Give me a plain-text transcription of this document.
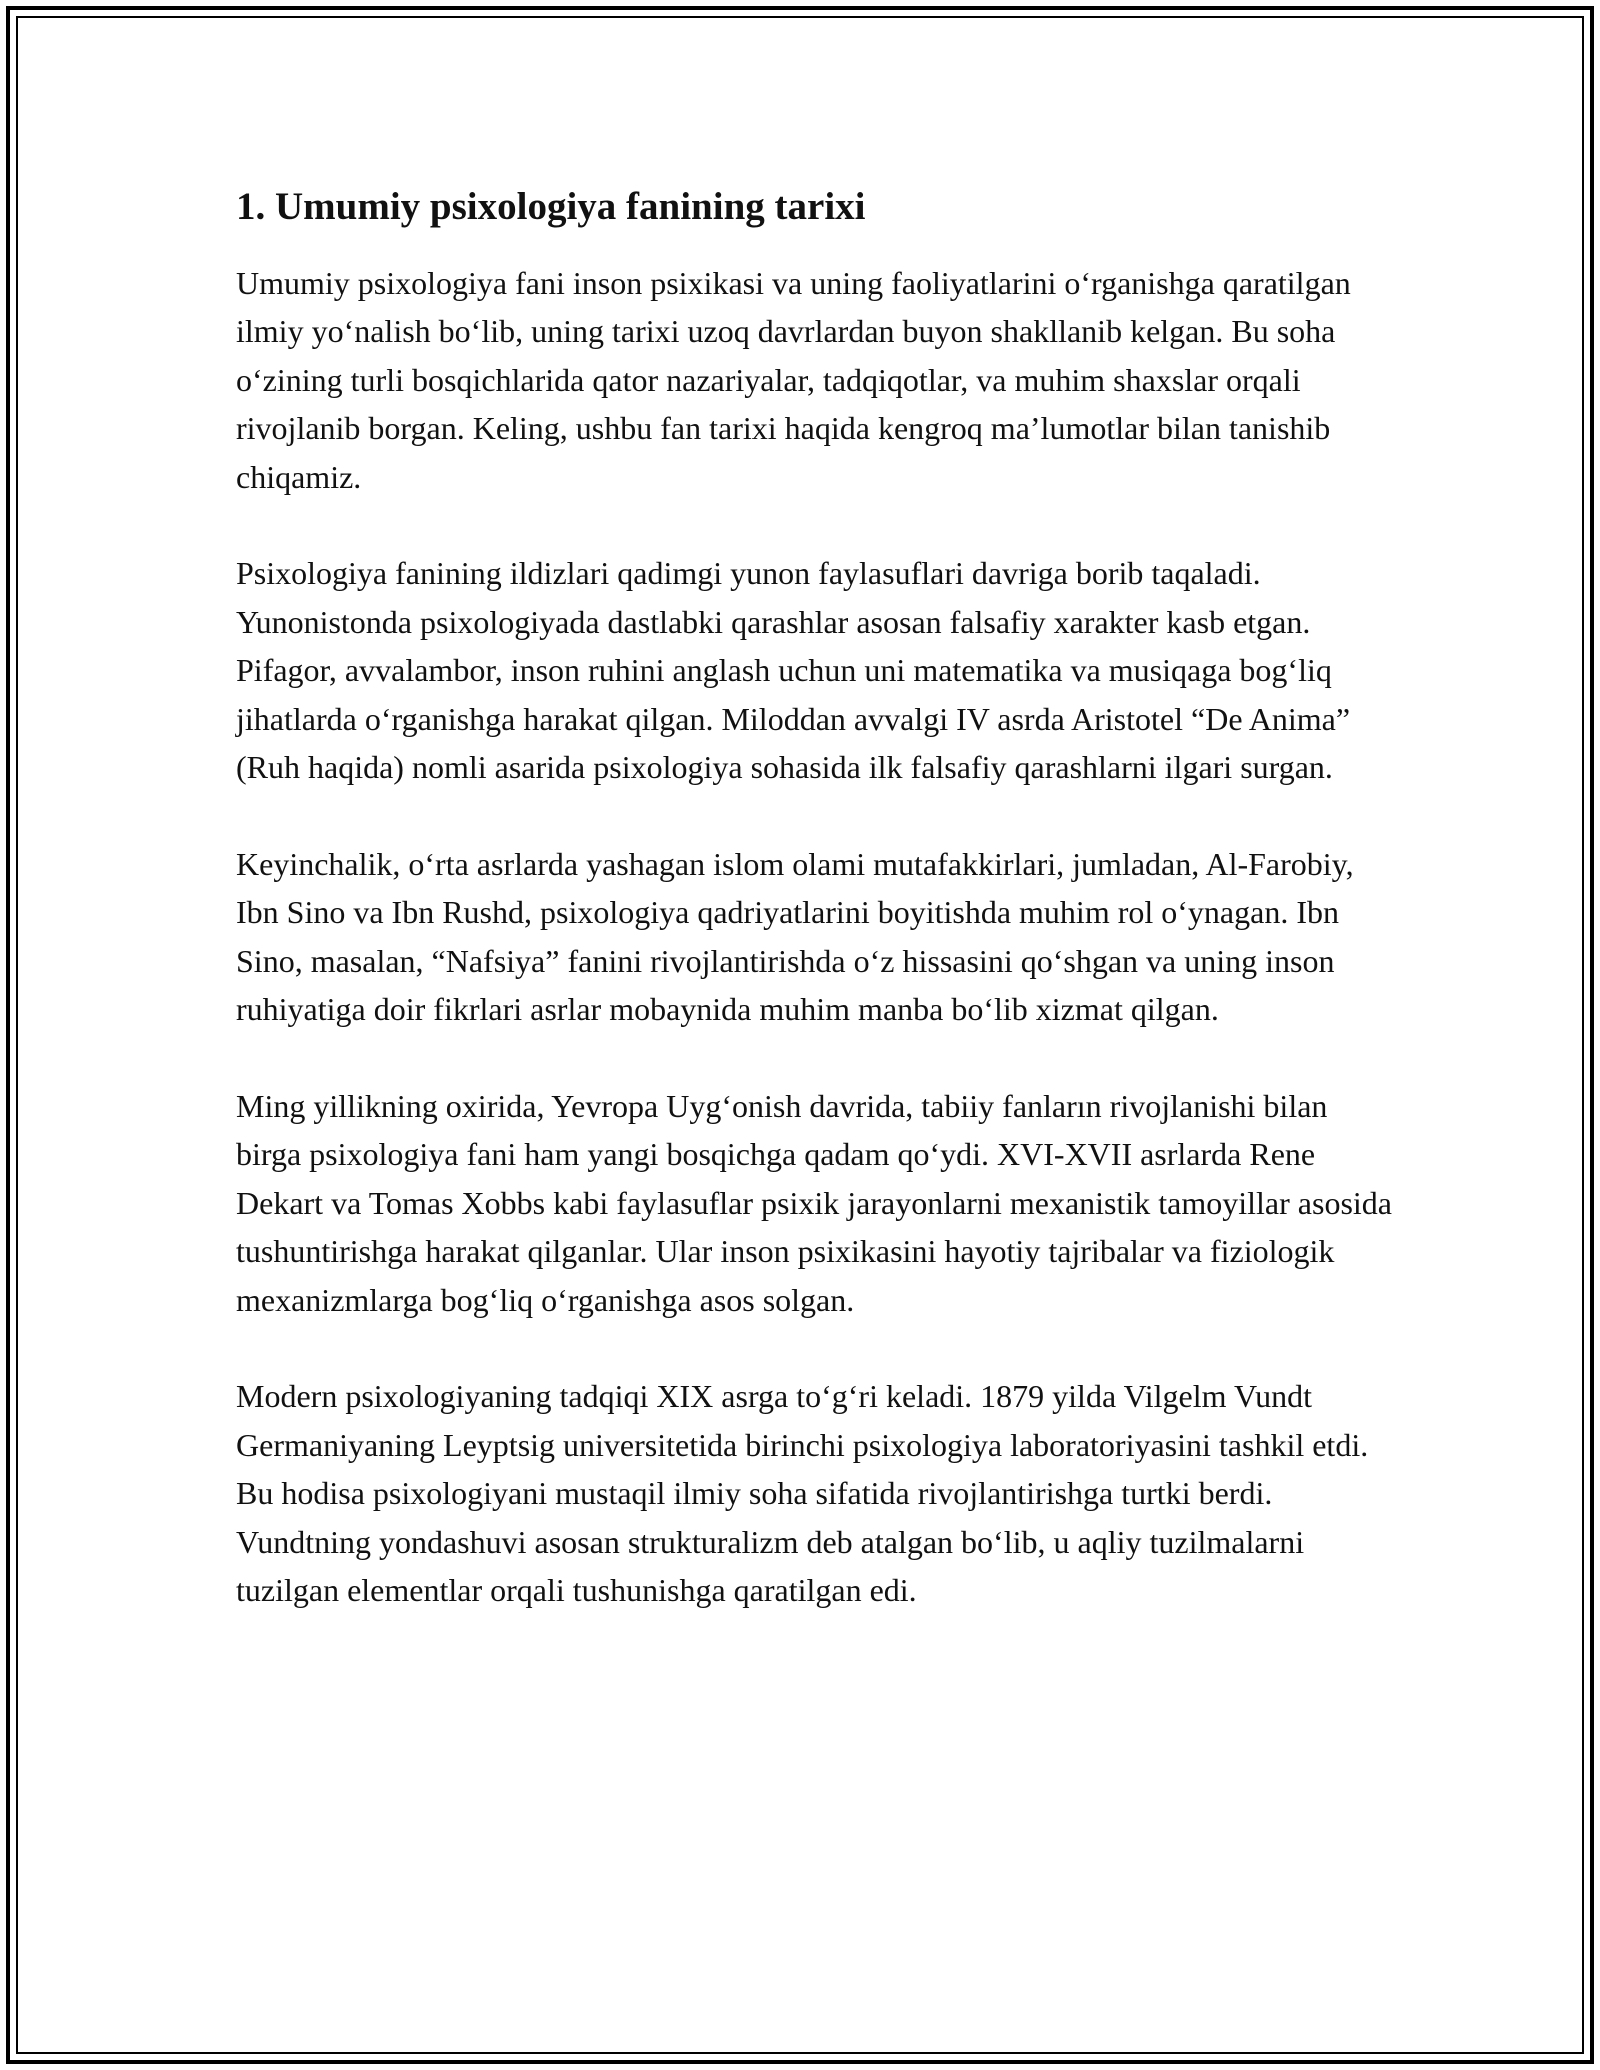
1. Umumiy psixologiya fanining tarixi

Umumiy psixologiya fani inson psixikasi va uning faoliyatlarini o‘rganishga qaratilgan ilmiy yo‘nalish bo‘lib, uning tarixi uzoq davrlardan buyon shakllanib kelgan. Bu soha o‘zining turli bosqichlarida qator nazariyalar, tadqiqotlar, va muhim shaxslar orqali rivojlanib borgan. Keling, ushbu fan tarixi haqida kengroq ma’lumotlar bilan tanishib chiqamiz.

Psixologiya fanining ildizlari qadimgi yunon faylasuflari davriga borib taqaladi. Yunonistonda psixologiyada dastlabki qarashlar asosan falsafiy xarakter kasb etgan. Pifagor, avvalambor, inson ruhini anglash uchun uni matematika va musiqaga bog‘liq jihatlarda o‘rganishga harakat qilgan. Miloddan avvalgi IV asrda Aristotel “De Anima” (Ruh haqida) nomli asarida psixologiya sohasida ilk falsafiy qarashlarni ilgari surgan.

Keyinchalik, o‘rta asrlarda yashagan islom olami mutafakkirlari, jumladan, Al-Farobiy, Ibn Sino va Ibn Rushd, psixologiya qadriyatlarini boyitishda muhim rol o‘ynagan. Ibn Sino, masalan, “Nafsiya” fanini rivojlantirishda o‘z hissasini qo‘shgan va uning inson ruhiyatiga doir fikrlari asrlar mobaynida muhim manba bo‘lib xizmat qilgan.

Ming yillikning oxirida, Yevropa Uyg‘onish davrida, tabiiy fanların rivojlanishi bilan birga psixologiya fani ham yangi bosqichga qadam qo‘ydi. XVI-XVII asrlarda Rene Dekart va Tomas Xobbs kabi faylasuflar psixik jarayonlarni mexanistik tamoyillar asosida tushuntirishga harakat qilganlar. Ular inson psixikasini hayotiy tajribalar va fiziologik mexanizmlarga bog‘liq o‘rganishga asos solgan.

Modern psixologiyaning tadqiqi XIX asrga to‘g‘ri keladi. 1879 yilda Vilgelm Vundt Germaniyaning Leyptsig universitetida birinchi psixologiya laboratoriyasini tashkil etdi. Bu hodisa psixologiyani mustaqil ilmiy soha sifatida rivojlantirishga turtki berdi. Vundtning yondashuvi asosan strukturalizm deb atalgan bo‘lib, u aqliy tuzilmalarni tuzilgan elementlar orqali tushunishga qaratilgan edi.
